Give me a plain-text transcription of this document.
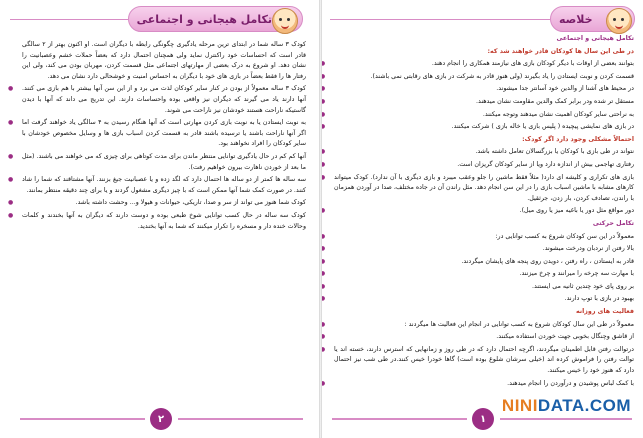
تکامل هیجانی و اجتماعی

کودک ۳ ساله شما در ابتدای ترین مرحله یادگیری چگونگی رابطه با دیگران است. او اکنون بهتر از ۲ سالگی قادر است که احساسات خود راکنترل نماید ولی همچنان احتمال دارد که بعضاً حملات خشم وعصبانیت را نشان دهد. او شروع به درک بعضی از مهارتهای اجتماعی مثل قسمت کردن، مهربان بودن می کند، ولی این رفتار ها را فقط بعضاً در بازی های خود با دیگران به احساس امنیت و خوشحالی دارد نشان می دهد.

کودک ۳ ساله معمولاً از بودن در کنار سایر کودکان لذت می برد و از این سن آنها بیشتر با هم بازی می کنند. آنها دارند یاد می گیرند که دیگران نیز واقعی بوده واحساسات دارند. این تدریج می داند که آنها با دیدن گاستیکه ناراحت هستند خودشان نیز ناراحت می شوند. ●

به نوبت ایستادن یا به نوبت بازی کردن مهارتی است که آنها هنگام رسیدن به ۴ سالگی یاد خواهند گرفت اما اگر آنها ناراحت باشند یا ترسیده باشند قادر به قسمت کردن اسباب بازی ها و وسایل مخصوص خودشان با سایر کودکان را افراد نخواهند بود. ●

آنها کم کم در حال یادگیری توانایی منتظر ماندن برای مدت کوتاهی برای چیزی که می خواهند می باشند. (مثل ما بعد از خوردن ناهارت بیرون خواهیم رفت). ●

سه ساله ها کمتر از دو ساله ها احتمال دارد که لگد زده و یا عصبانیت جیغ بزنند. آنها مشتاقند که شما را شاد کنند. در صورت کمک شما آنها ممکن است که با چیز دیگری مشغول گردند و یا برای چند دقیقه منتظر بمانند. ●

کودک شما هنوز می تواند از سر و صدا، تاریکی، حیوانات و هیولا و... وحشت داشته باشد. ●

کودک سه ساله در حال کسب توانایی شوخ طبعی بوده و دوست دارند که دیگران به آنها بخندند و کلمات وحالات خنده دار و مسخره را تکرار میکنند که شما به آنها بخندید. ●

۲
خلاصه

تکامل هیجانی و اجتماعی

در طی این سال ها کودکان قادر خواهند شد که:

بتوانند بعضی از اوقات با دیگر کودکان بازی های نیازمند همکاری را انجام دهند. ●

قسمت کردن و نوبت ایستادن را یاد بگیرند (ولی هنوز قادر به شرکت در بازی های رقابتی نمی باشند). ●

در محیط های آشنا از والدین خود آسانتر جدا میشوند. ●

مستقل تر شده ودر برابر کمک والدین مقاومت نشان میدهند. ●

به نراحتی سایر کودکان اهمیت نشان میدهند وتوجه میکنند. ●

در بازی های نمایشی پیچیده ( پلیس بازی یا خاله بازی ) شرکت میکنند. ●

احتمالاً مشکلی وجود دارد اگر کودک:

نتواند در طی بازی با کودکان یا بزرگسالان تعامل داشته باشد. ●

رفتاری تهاجمی بیش از اندازه دارد ویا از سایر کودکان گریزان است. ●

بازی های تکراری و کلیشه ای دارد( مثلاً فقط ماشین را جلو وعقب میبرد و بازی دیگری با آن ندارد). کودک میتواند کارهای مشابه با ماشین اسباب بازی را در این سن انجام دهد. مثل راندن آن در جاده مختلف، صدا در آوردن همزمان با راندن، تصادف کردن، بار زدن، جرثقیل. ●

دور مواقع مثل دور یا باغیه میز یا روی میل). ●

تکامل حرکتی

معمولاً در این سن کودکان شروع به کسب توانایی در: ●

بالا رفتن از نردبان ودرخت میشوند. ●

قادر به ایستادن ، راه رفتن ، دویدن روی پنجه های پایشان میگردند. ●

با مهارت سه چرخه را میرانند و چرخ میزنند. ●

بر روی پای خود چندین ثانیه می ایستند. ●

بهبود در بازی با توپ دارند. ●

فعالیت های روزانه

معمولاً در طی این سال کودکان شروع به کسب توانایی در انجام این فعالیت ها میگردند : ●

از قاشق وچنگال بخوبی جهت خوردن استفاده میکنند. ●

درتوالت رفتن قابل اطمینان میگردند، اگرچه احتمال دارد که در طی روز و زمانهایی که استرس دارند، خسته اند یا توالت رفتن را فراموش کرده اند (خیلی سرشان شلوغ بوده است) گاها خودرا خیس کنند.در طی شب نیز احتمال دارد که هنوز خود را خیس میکنند. ●

با کمک لباس پوشیدن و درآوردن را انجام میدهند. ●

۱
NINIDATA.COM
